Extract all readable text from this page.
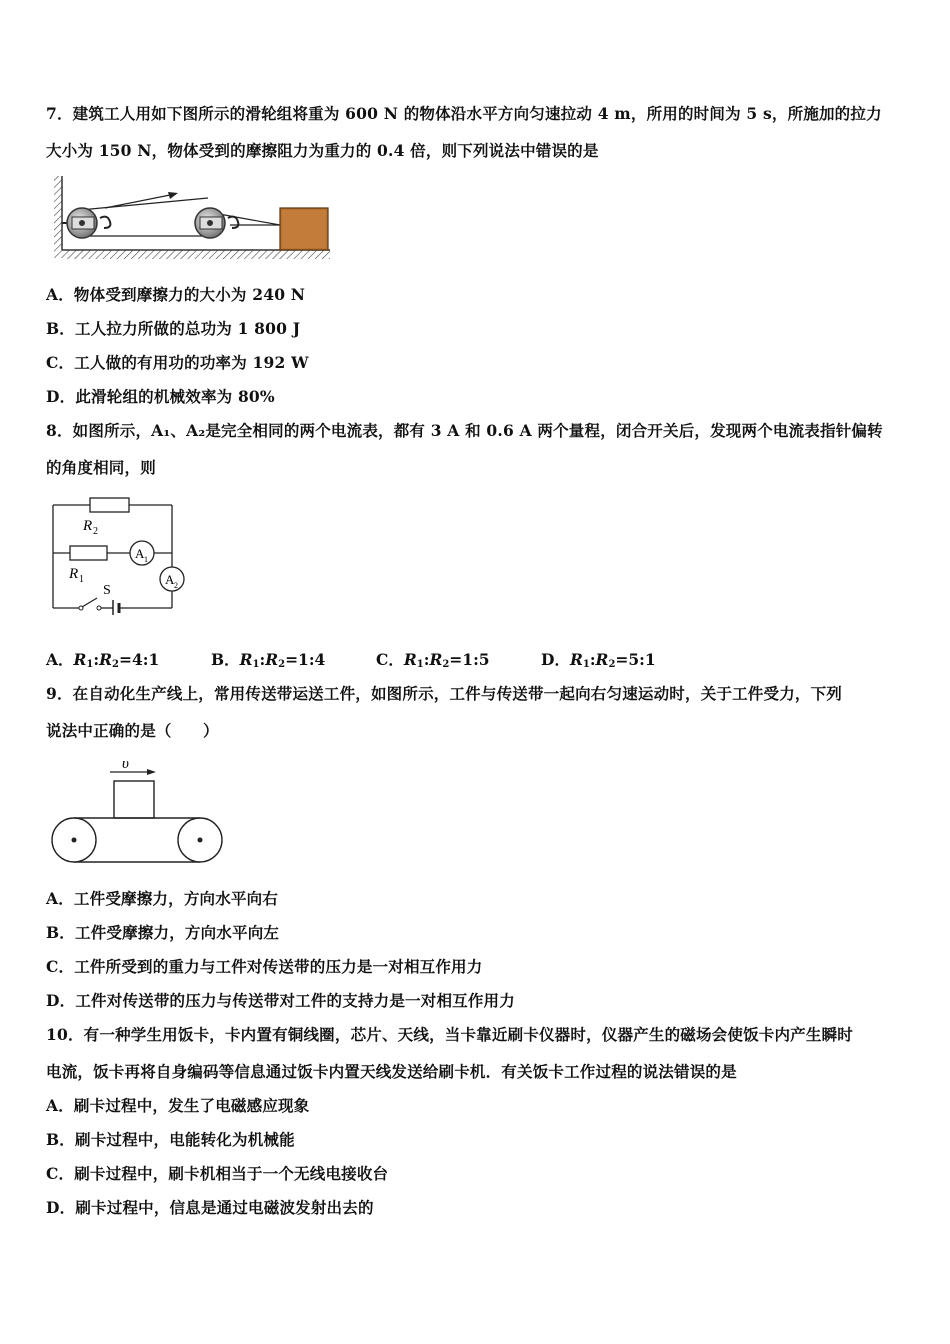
7．建筑工人用如下图所示的滑轮组将重为 600 N 的物体沿水平方向匀速拉动 4 m，所用的时间为 5 s，所施加的拉力
大小为 150 N，物体受到的摩擦阻力为重力的 0.4 倍，则下列说法中错误的是
A．物体受到摩擦力的大小为 240 N
B．工人拉力所做的总功为 1 800 J
C．工人做的有用功的功率为 192 W
D．此滑轮组的机械效率为 80%
8．如图所示，A₁、A₂是完全相同的两个电流表，都有 3 A 和 0.6 A 两个量程，闭合开关后，发现两个电流表指针偏转
的角度相同，则
R 2
A 1
R 1	A 2
S
A．$R_1:R_2=4:1$	B．$R_1:R_2=1:4$	C．$R_1:R_2=1:5$	D．$R_1:R_2=5:1$
9．在自动化生产线上，常用传送带运送工件，如图所示，工件与传送带一起向右匀速运动时，关于工件受力，下列
说法中正确的是（　　）
υ
A．工件受摩擦力，方向水平向右
B．工件受摩擦力，方向水平向左
C．工件所受到的重力与工件对传送带的压力是一对相互作用力
D．工件对传送带的压力与传送带对工件的支持力是一对相互作用力
10．有一种学生用饭卡，卡内置有铜线圈，芯片、天线，当卡靠近刷卡仪器时，仪器产生的磁场会使饭卡内产生瞬时
电流，饭卡再将自身编码等信息通过饭卡内置天线发送给刷卡机．有关饭卡工作过程的说法错误的是
A．刷卡过程中，发生了电磁感应现象
B．刷卡过程中，电能转化为机械能
C．刷卡过程中，刷卡机相当于一个无线电接收台
D．刷卡过程中，信息是通过电磁波发射出去的
